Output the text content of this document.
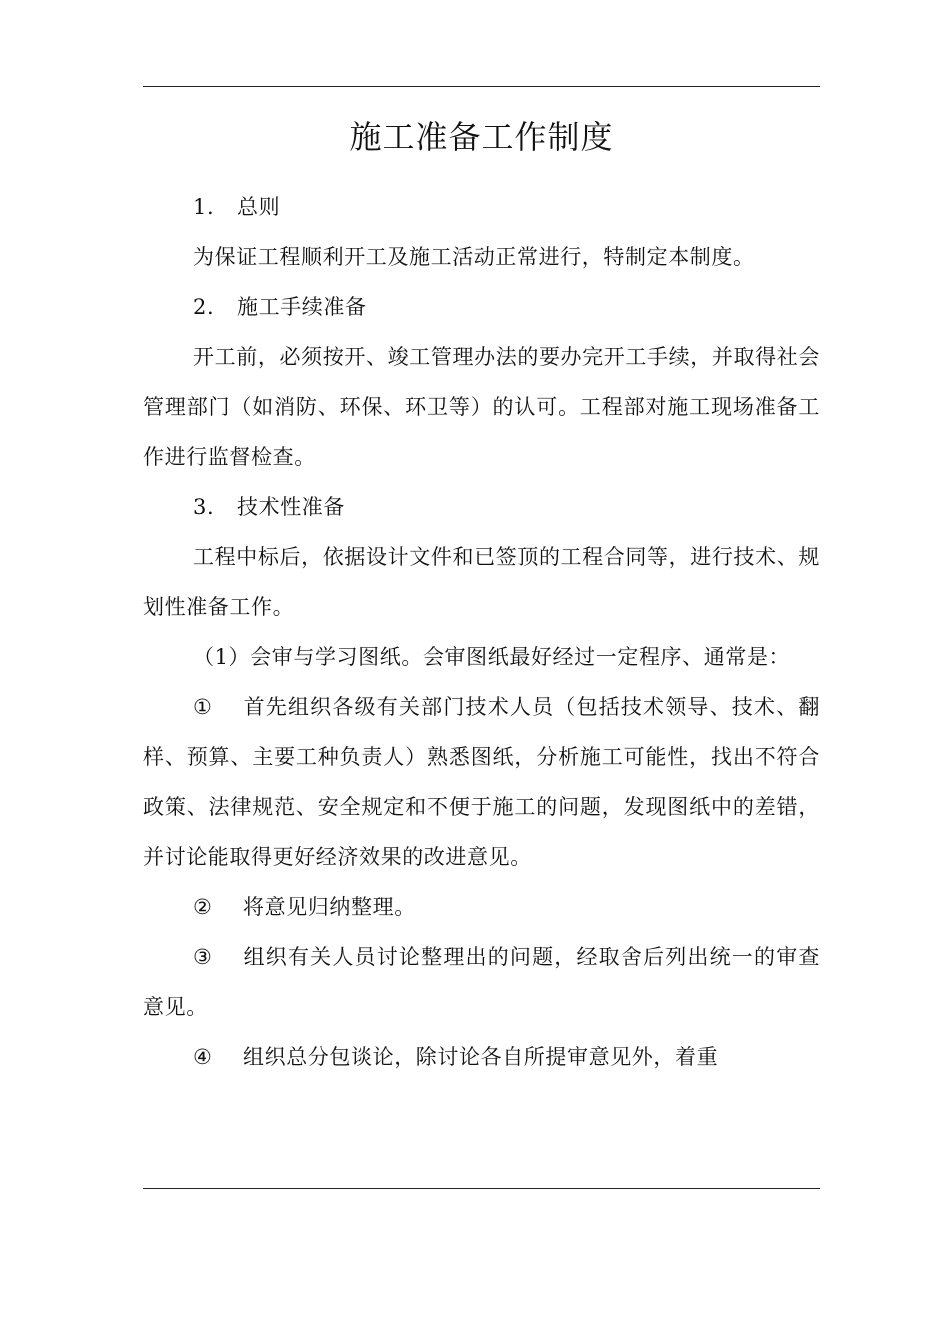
施工准备工作制度

1. 总则

为保证工程顺利开工及施工活动正常进行，特制定本制度。

2. 施工手续准备

开工前，必须按开、竣工管理办法的要办完开工手续，并取得社会管理部门（如消防、环保、环卫等）的认可。工程部对施工现场准备工作进行监督检查。

3. 技术性准备

工程中标后，依据设计文件和已签顶的工程合同等，进行技术、规划性准备工作。

（1）会审与学习图纸。会审图纸最好经过一定程序、通常是：

① 首先组织各级有关部门技术人员（包括技术领导、技术、翻样、预算、主要工种负责人）熟悉图纸，分析施工可能性，找出不符合政策、法律规范、安全规定和不便于施工的问题，发现图纸中的差错，并讨论能取得更好经济效果的改进意见。

② 将意见归纳整理。

③ 组织有关人员讨论整理出的问题，经取舍后列出统一的审查意见。

④ 组织总分包谈论，除讨论各自所提审意见外，着重
